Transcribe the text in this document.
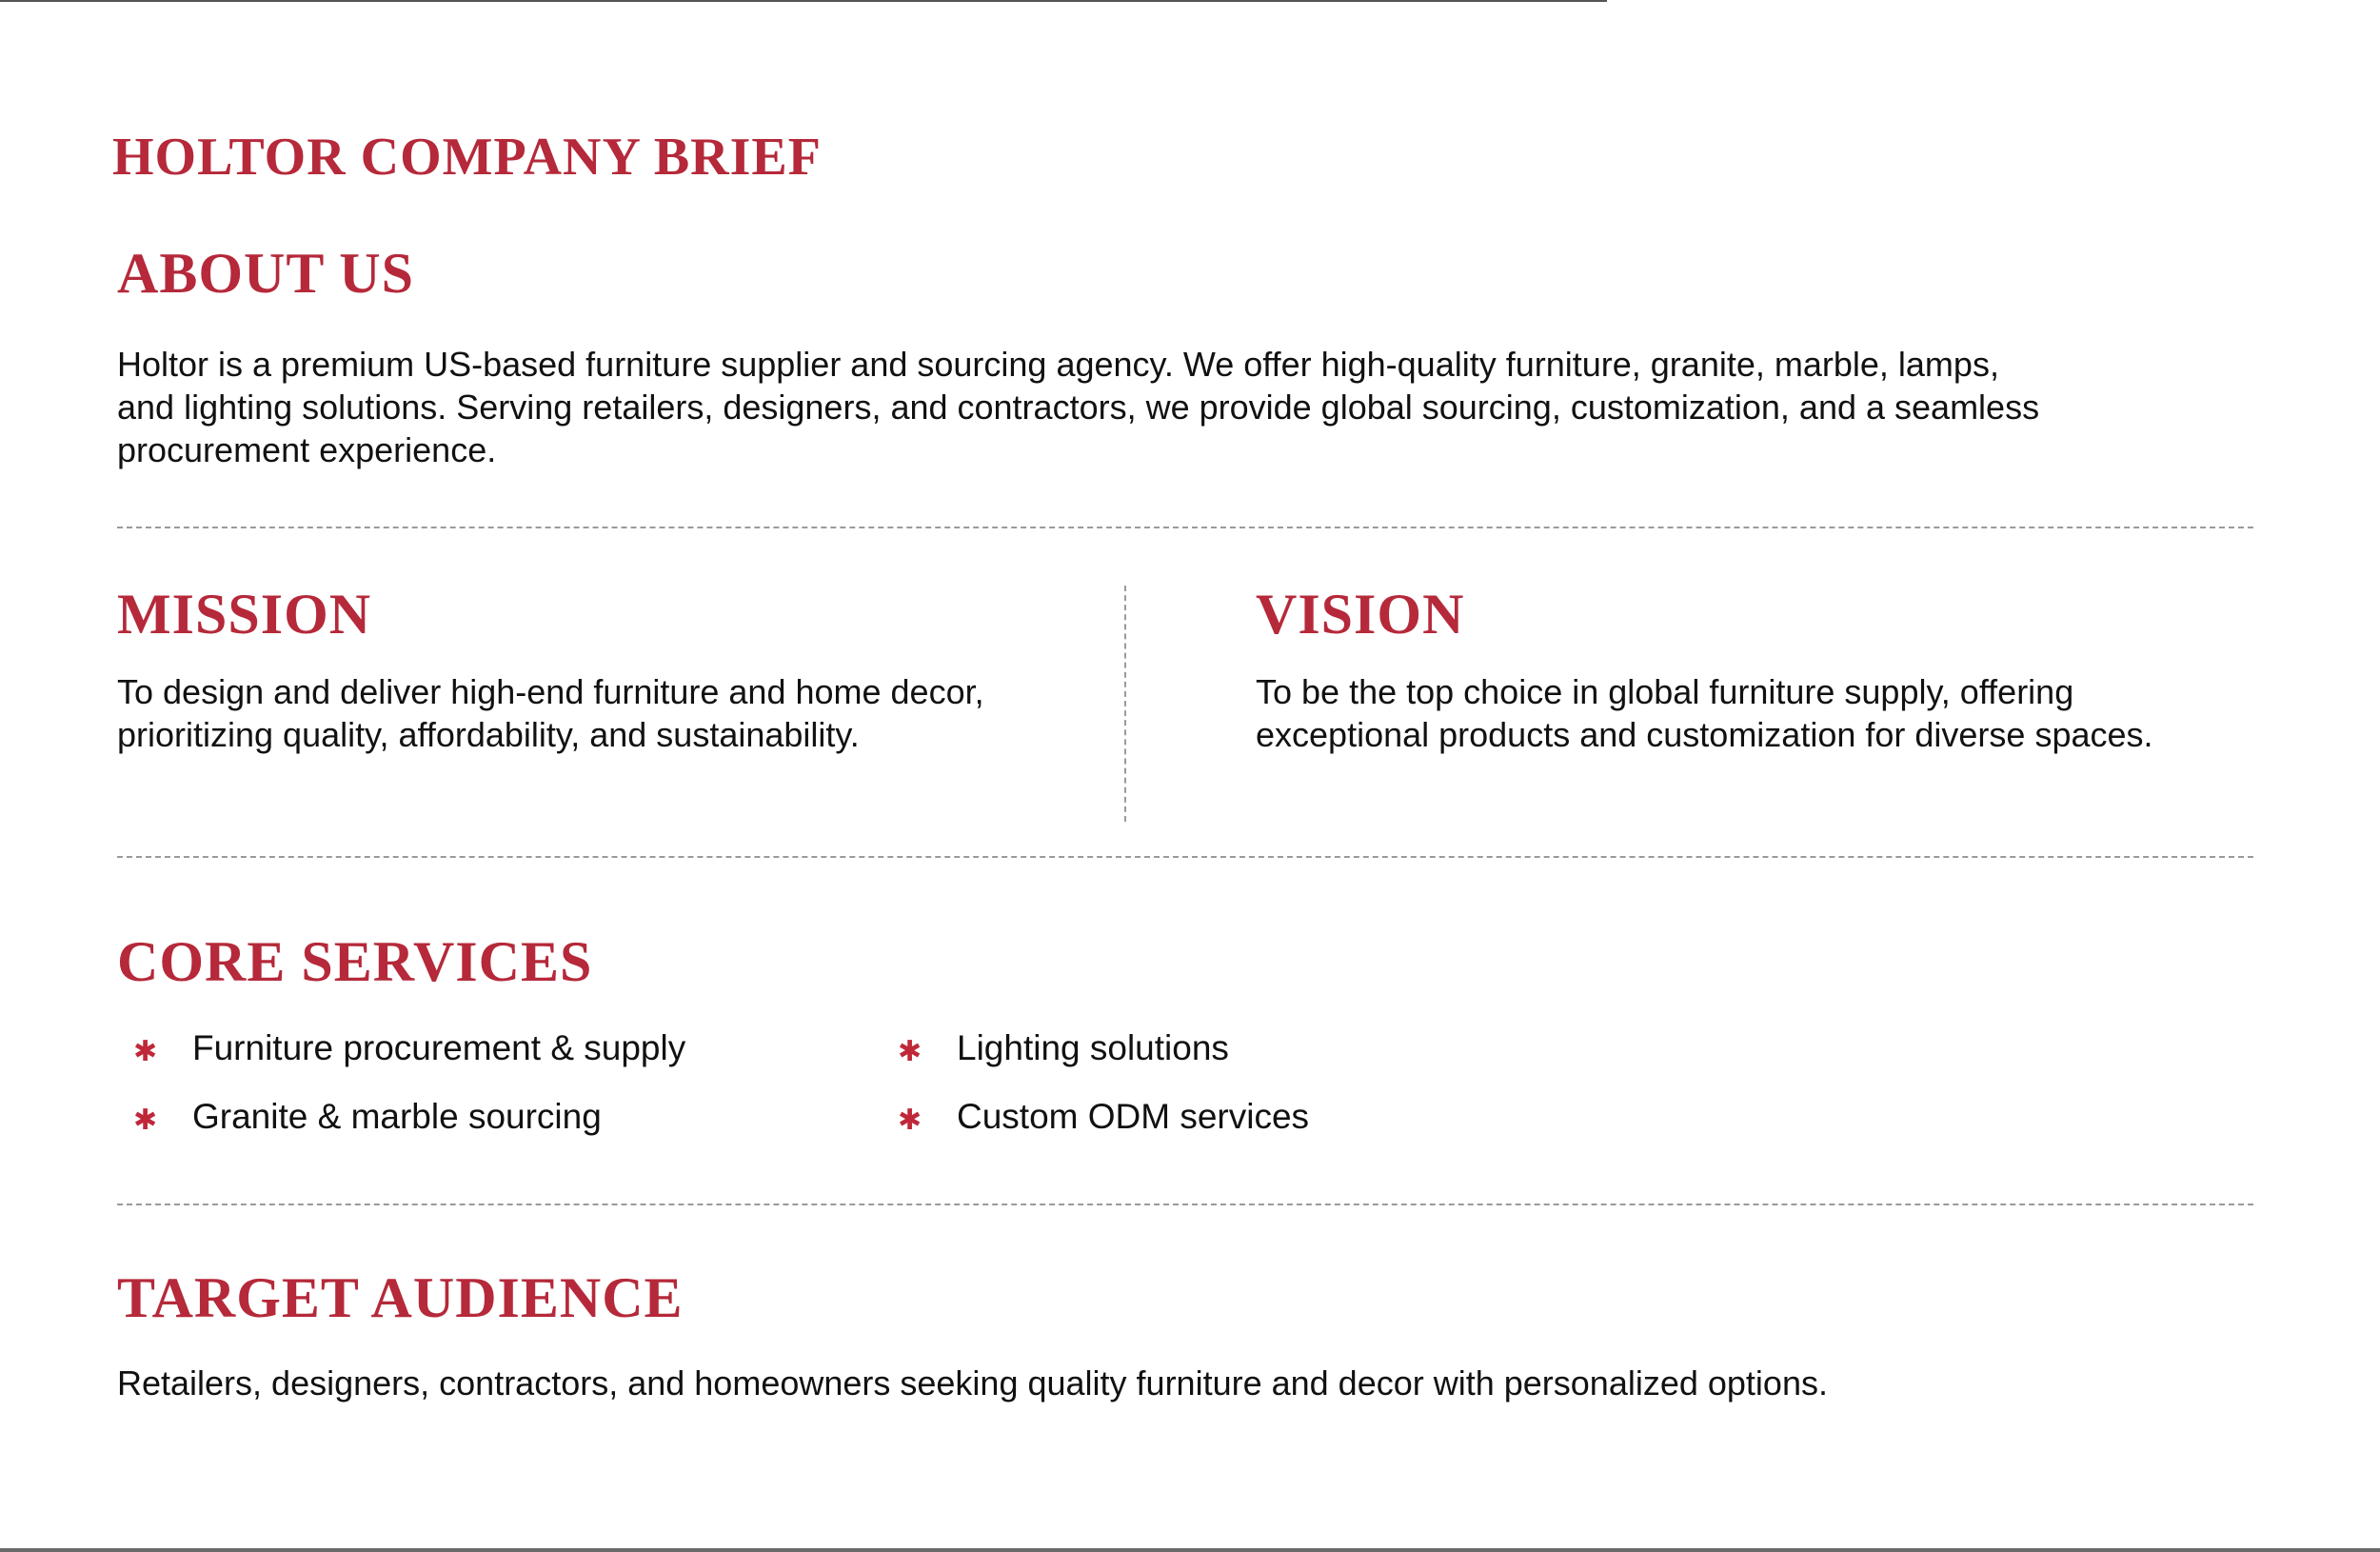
HOLTOR COMPANY BRIEF
ABOUT US

Holtor is a premium US-based furniture supplier and sourcing agency. We offer high-quality furniture, granite, marble, lamps, and lighting solutions. Serving retailers, designers, and contractors, we provide global sourcing, customization, and a seamless procurement experience.

MISSION

To design and deliver high-end furniture and home decor, prioritizing quality, affordability, and sustainability.

VISION

To be the top choice in global furniture supply, offering exceptional products and customization for diverse spaces.

CORE SERVICES
✱ Furniture procurement & supply
✱ Granite & marble sourcing
✱ Lighting solutions
✱ Custom ODM services
TARGET AUDIENCE

Retailers, designers, contractors, and homeowners seeking quality furniture and decor with personalized options.
